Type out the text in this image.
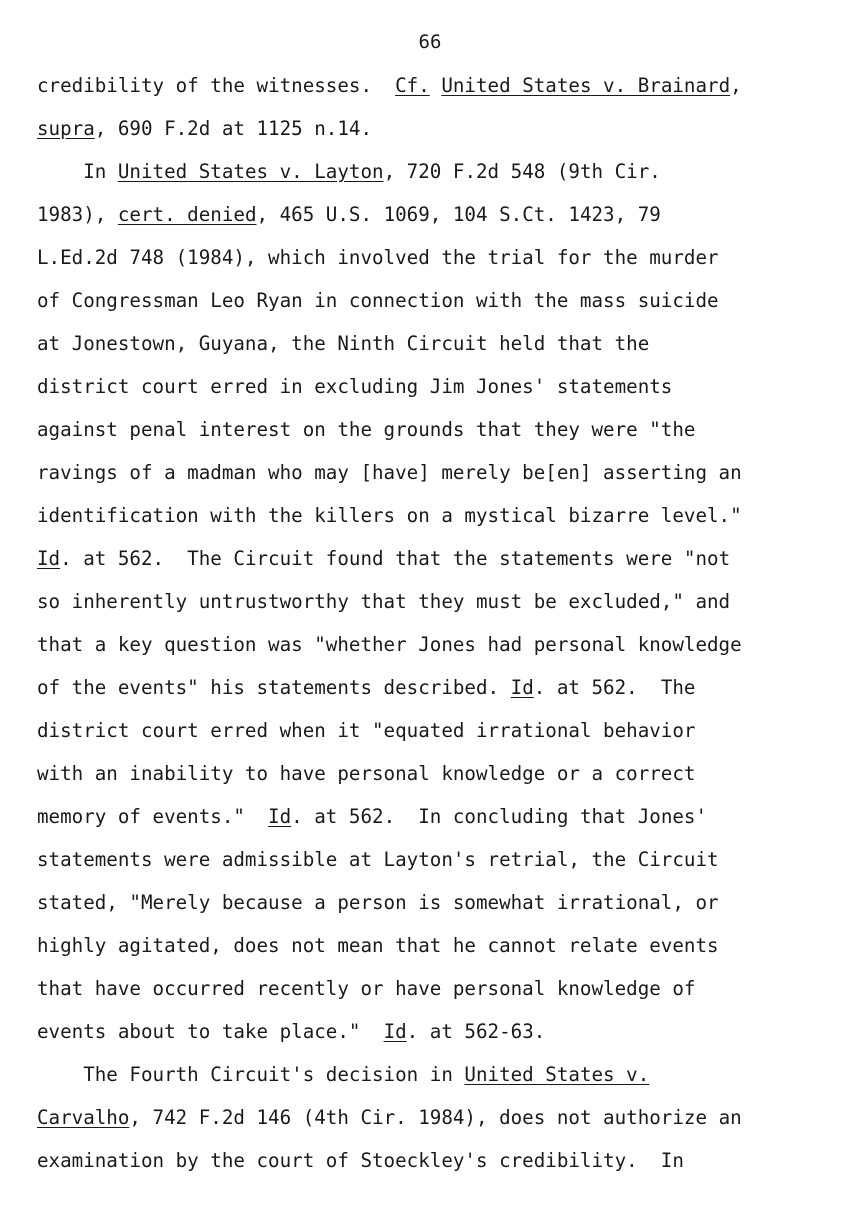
66
credibility of the witnesses.  Cf. United States v. Brainard,
supra, 690 F.2d at 1125 n.14.
In United States v. Layton, 720 F.2d 548 (9th Cir.
1983), cert. denied, 465 U.S. 1069, 104 S.Ct. 1423, 79
L.Ed.2d 748 (1984), which involved the trial for the murder
of Congressman Leo Ryan in connection with the mass suicide
at Jonestown, Guyana, the Ninth Circuit held that the
district court erred in excluding Jim Jones' statements
against penal interest on the grounds that they were "the
ravings of a madman who may [have] merely be[en] asserting an
identification with the killers on a mystical bizarre level."
Id. at 562.  The Circuit found that the statements were "not
so inherently untrustworthy that they must be excluded," and
that a key question was "whether Jones had personal knowledge
of the events" his statements described. Id. at 562.  The
district court erred when it "equated irrational behavior
with an inability to have personal knowledge or a correct
memory of events."  Id. at 562.  In concluding that Jones'
statements were admissible at Layton's retrial, the Circuit
stated, "Merely because a person is somewhat irrational, or
highly agitated, does not mean that he cannot relate events
that have occurred recently or have personal knowledge of
events about to take place."  Id. at 562-63.
The Fourth Circuit's decision in United States v.
Carvalho, 742 F.2d 146 (4th Cir. 1984), does not authorize an
examination by the court of Stoeckley's credibility.  In
